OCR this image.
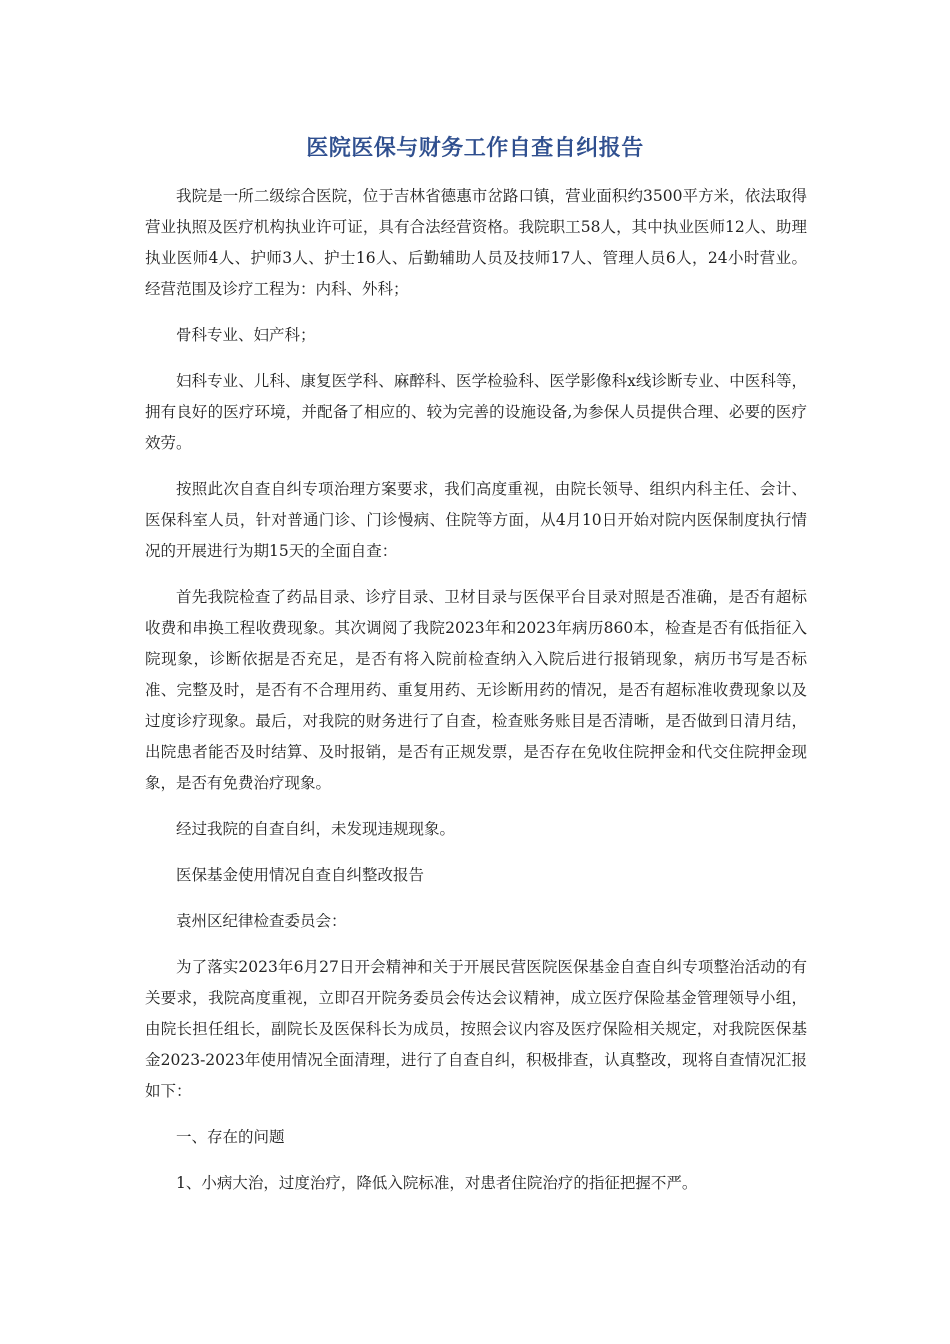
医院医保与财务工作自查自纠报告

我院是一所二级综合医院，位于吉林省德惠市岔路口镇，营业面积约3500平方米，依法取得营业执照及医疗机构执业许可证，具有合法经营资格。我院职工58人，其中执业医师12人、助理执业医师4人、护师3人、护士16人、后勤辅助人员及技师17人、管理人员6人，24小时营业。经营范围及诊疗工程为：内科、外科；

骨科专业、妇产科；

妇科专业、儿科、康复医学科、麻醉科、医学检验科、医学影像科x线诊断专业、中医科等，拥有良好的医疗环境，并配备了相应的、较为完善的设施设备,为参保人员提供合理、必要的医疗效劳。

按照此次自查自纠专项治理方案要求，我们高度重视，由院长领导、组织内科主任、会计、医保科室人员，针对普通门诊、门诊慢病、住院等方面，从4月10日开始对院内医保制度执行情况的开展进行为期15天的全面自查：

首先我院检查了药品目录、诊疗目录、卫材目录与医保平台目录对照是否准确，是否有超标收费和串换工程收费现象。其次调阅了我院2023年和2023年病历860本，检查是否有低指征入院现象，诊断依据是否充足，是否有将入院前检查纳入入院后进行报销现象，病历书写是否标准、完整及时，是否有不合理用药、重复用药、无诊断用药的情况，是否有超标准收费现象以及过度诊疗现象。最后，对我院的财务进行了自查，检查账务账目是否清晰，是否做到日清月结，出院患者能否及时结算、及时报销，是否有正规发票，是否存在免收住院押金和代交住院押金现象，是否有免费治疗现象。

经过我院的自查自纠，未发现违规现象。

医保基金使用情况自查自纠整改报告

袁州区纪律检查委员会：

为了落实2023年6月27日开会精神和关于开展民营医院医保基金自查自纠专项整治活动的有关要求，我院高度重视，立即召开院务委员会传达会议精神，成立医疗保险基金管理领导小组，由院长担任组长，副院长及医保科长为成员，按照会议内容及医疗保险相关规定，对我院医保基金2023-2023年使用情况全面清理，进行了自查自纠，积极排查，认真整改，现将自查情况汇报如下：

一、存在的问题

1、小病大治，过度治疗，降低入院标准，对患者住院治疗的指征把握不严。
